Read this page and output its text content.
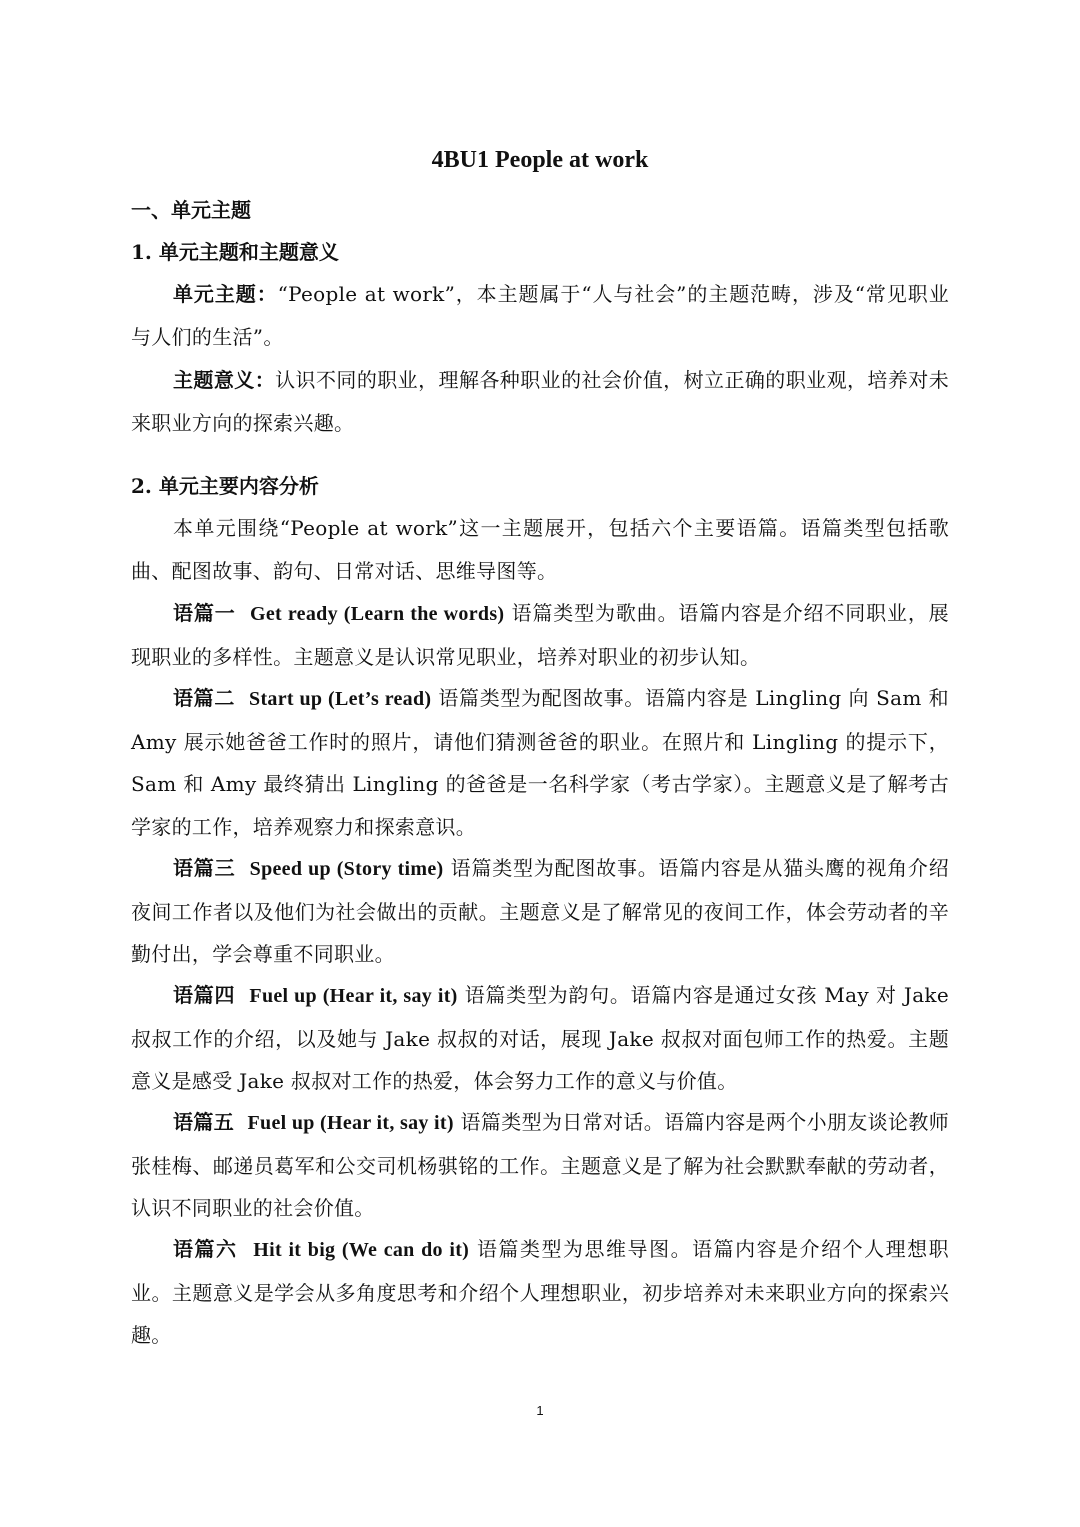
4BU1 People at work
一、单元主题
1. 单元主题和主题意义

单元主题：“People at work”，本主题属于“人与社会”的主题范畴，涉及“常见职业与人们的生活”。

主题意义：认识不同的职业，理解各种职业的社会价值，树立正确的职业观，培养对未来职业方向的探索兴趣。

2. 单元主要内容分析

本单元围绕“People at work”这一主题展开，包括六个主要语篇。语篇类型包括歌曲、配图故事、韵句、日常对话、思维导图等。

语篇一 Get ready (Learn the words) 语篇类型为歌曲。语篇内容是介绍不同职业，展现职业的多样性。主题意义是认识常见职业，培养对职业的初步认知。

语篇二 Start up (Let’s read) 语篇类型为配图故事。语篇内容是 Lingling 向 Sam 和 Amy 展示她爸爸工作时的照片，请他们猜测爸爸的职业。在照片和 Lingling 的提示下，Sam 和 Amy 最终猜出 Lingling 的爸爸是一名科学家（考古学家）。主题意义是了解考古学家的工作，培养观察力和探索意识。

语篇三 Speed up (Story time) 语篇类型为配图故事。语篇内容是从猫头鹰的视角介绍夜间工作者以及他们为社会做出的贡献。主题意义是了解常见的夜间工作，体会劳动者的辛勤付出，学会尊重不同职业。

语篇四 Fuel up (Hear it, say it) 语篇类型为韵句。语篇内容是通过女孩 May 对 Jake 叔叔工作的介绍，以及她与 Jake 叔叔的对话，展现 Jake 叔叔对面包师工作的热爱。主题意义是感受 Jake 叔叔对工作的热爱，体会努力工作的意义与价值。

语篇五 Fuel up (Hear it, say it) 语篇类型为日常对话。语篇内容是两个小朋友谈论教师张桂梅、邮递员葛军和公交司机杨骐铭的工作。主题意义是了解为社会默默奉献的劳动者，认识不同职业的社会价值。

语篇六 Hit it big (We can do it) 语篇类型为思维导图。语篇内容是介绍个人理想职业。主题意义是学会从多角度思考和介绍个人理想职业，初步培养对未来职业方向的探索兴趣。

1
